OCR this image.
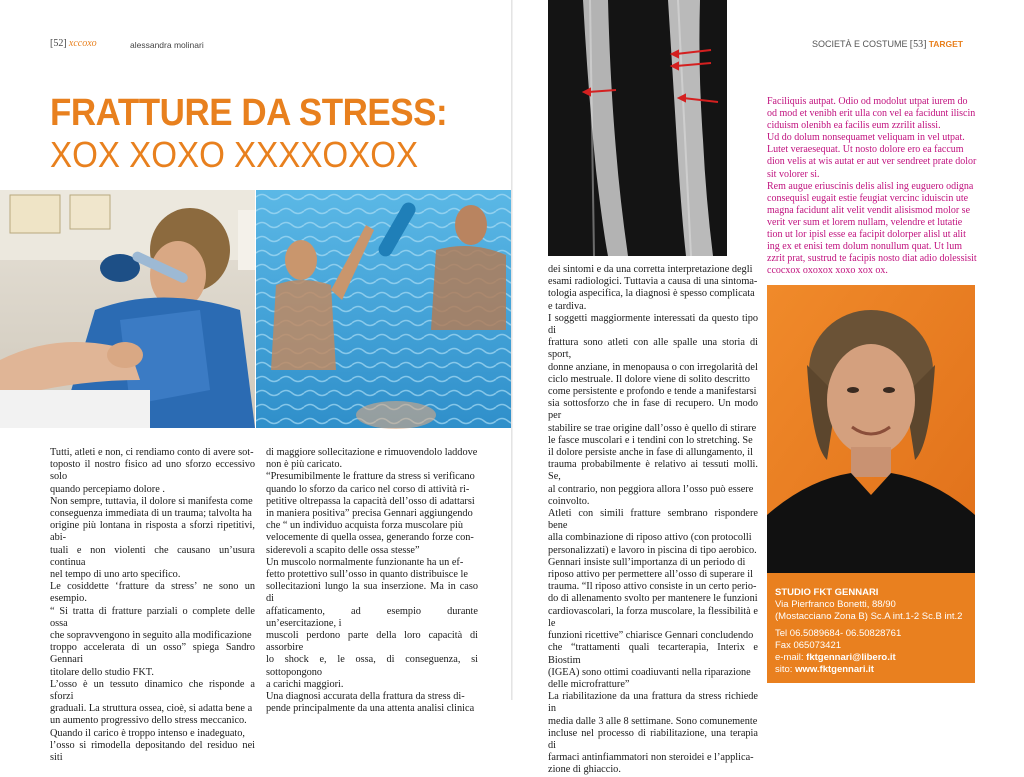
[52] xccoxo	alessandra molinari	SOCIETÀ E COSTUME [53] TARGET
FRATTURE DA STRESS:
XOX XOXO XXXXOXOX

Tutti, atleti e non, ci rendiamo conto di avere sot-

toposto il nostro fisico ad uno sforzo eccessivo solo

quando percepiamo dolore .

Non sempre, tuttavia, il dolore si manifesta come

conseguenza immediata di un trauma; talvolta ha

origine più lontana in risposta a sforzi ripetitivi, abi-

tuali e non violenti che causano un’usura continua

nel tempo di uno arto specifico.

Le cosiddette ‘fratture da stress’ ne sono un esempio.

“ Si tratta di fratture parziali o complete delle ossa

che sopravvengono in seguito alla modificazione

troppo accelerata di un osso” spiega Sandro Gennari

titolare dello studio FKT.

L’osso è un tessuto dinamico che risponde a sforzi

graduali. La struttura ossea, cioè, si adatta bene a

un aumento progressivo dello stress meccanico.

Quando il carico è troppo intenso e inadeguato,

l’osso si rimodella depositando del residuo nei siti

di maggiore sollecitazione e rimuovendolo laddove

non è più caricato.

“Presumibilmente le fratture da stress si verificano

quando lo sforzo da carico nel corso di attività ri-

petitive oltrepassa la capacità dell’osso di adattarsi

in maniera positiva” precisa Gennari aggiungendo

che “ un individuo acquista forza muscolare più

velocemente di quella ossea, generando forze con-

siderevoli a scapito delle ossa stesse”

Un muscolo normalmente funzionante ha un ef-

fetto protettivo sull’osso in quanto distribuisce le

sollecitazioni lungo la sua inserzione. Ma in caso di

affaticamento, ad esempio durante un’esercitazione, i

muscoli perdono parte della loro capacità di assorbire

lo shock e, le ossa, di conseguenza, si sottopongono

a carichi maggiori.

Una diagnosi accurata della frattura da stress di-

pende principalmente da una attenta analisi clinica

dei sintomi e da una corretta interpretazione degli

esami radiologici. Tuttavia a causa di una sintoma-

tologia aspecifica, la diagnosi è spesso complicata

e tardiva.

I soggetti maggiormente interessati da questo tipo di

frattura sono atleti con alle spalle una storia di sport,

donne anziane, in menopausa o con irregolarità del

ciclo mestruale. Il dolore viene di solito descritto

come persistente e profondo e tende a manifestarsi

sia sottosforzo che in fase di recupero. Un modo per

stabilire se trae origine dall’osso è quello di stirare

le fasce muscolari e i tendini con lo stretching. Se

il dolore persiste anche in fase di allungamento, il

trauma probabilmente è relativo ai tessuti molli. Se,

al contrario, non peggiora allora l’osso può essere

coinvolto.

Atleti con simili fratture sembrano rispondere bene

alla combinazione di riposo attivo (con protocolli

personalizzati) e lavoro in piscina di tipo aerobico.

Gennari insiste sull’importanza di un periodo di

riposo attivo per permettere all’osso di superare il

trauma. “Il riposo attivo consiste in un certo perio-

do di allenamento svolto per mantenere le funzioni

cardiovascolari, la forza muscolare, la flessibilità e le

funzioni ricettive” chiarisce Gennari concludendo

che “trattamenti quali tecarterapia, Interix e Biostim

(IGEA) sono ottimi coadiuvanti nella riparazione

delle microfratture”

La riabilitazione da una frattura da stress richiede in

media dalle 3 alle 8 settimane. Sono comunemente

incluse nel processo di riabilitazione, una terapia di

farmaci antinfiammatori non steroidei e l’applica-

zione di ghiaccio.

Faciliquis autpat. Odio od modolut utpat iurem do

od mod et venibh erit ulla con vel ea facidunt iliscin

ciduism olenibh ea facilis eum zzrilit alissi.

Ud do dolum nonsequamet veliquam in vel utpat.

Lutet veraesequat. Ut nosto dolore ero ea faccum

dion velis at wis autat er aut ver sendreet prate dolor

sit volorer si.

Rem augue eriuscinis delis alisl ing euguero odigna

consequisl eugait estie feugiat vercinc iduiscin ute

magna facidunt alit velit vendit alisismod molor se

verit ver sum et lorem nullam, velendre et lutatie

tion ut lor ipisl esse ea facipit dolorper alisl ut alit

ing ex et enisi tem dolum nonullum quat. Ut lum

zzrit prat, sustrud te facipis nosto diat adio dolessisit

ccocxox oxoxox xoxo xox ox.

STUDIO FKT GENNARI
Via Pierfranco Bonetti, 88/90
(Mostacciano Zona B) Sc.A int.1-2 Sc.B int.2
Tel 06.5089684- 06.50828761
Fax 065073421
e-mail: fktgennari@libero.it
sito: www.fktgennari.it
